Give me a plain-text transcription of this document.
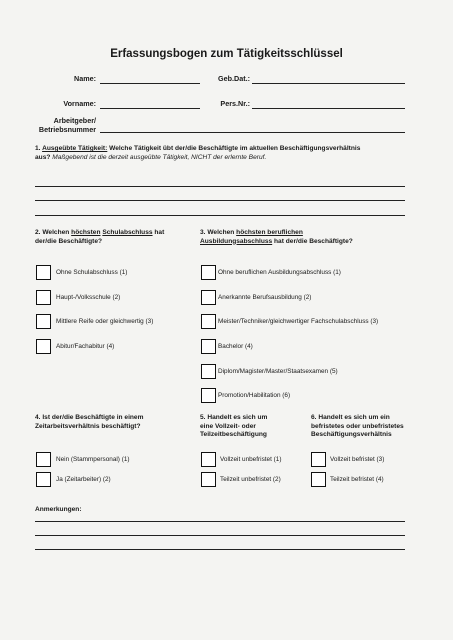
Erfassungsbogen zum Tätigkeitsschlüssel
Name:	Geb.Dat.:
Vorname:	Pers.Nr.:
Arbeitgeber/
Betriebsnummer
1. Ausgeübte Tätigkeit: Welche Tätigkeit übt der/die Beschäftigte im aktuellen Beschäftigungsverhältnis
aus? Maßgebend ist die derzeit ausgeübte Tätigkeit, NICHT der erlernte Beruf.
2. Welchen höchsten Schulabschluss hat
der/die Beschäftigte?
Ohne Schulabschluss (1)
Haupt-/Volksschule (2)
Mittlere Reife oder gleichwertig (3)
Abitur/Fachabitur (4)
3. Welchen höchsten beruflichen
Ausbildungsabschluss hat der/die Beschäftigte?
Ohne beruflichen Ausbildungsabschluss (1)
Anerkannte Berufsausbildung (2)
Meister/Techniker/gleichwertiger Fachschulabschluss (3)
Bachelor (4)
Diplom/Magister/Master/Staatsexamen (5)
Promotion/Habilitation (6)
4. Ist der/die Beschäftigte in einem
Zeitarbeitsverhältnis beschäftigt?
Nein (Stammpersonal) (1)
Ja (Zeitarbeiter) (2)
5. Handelt es sich um
eine Vollzeit- oder
Teilzeitbeschäftigung
Vollzeit unbefristet (1)
Teilzeit unbefristet (2)
6. Handelt es sich um ein
befristetes oder unbefristetes
Beschäftigungsverhältnis
Vollzeit befristet (3)
Teilzeit befristet (4)
Anmerkungen:
